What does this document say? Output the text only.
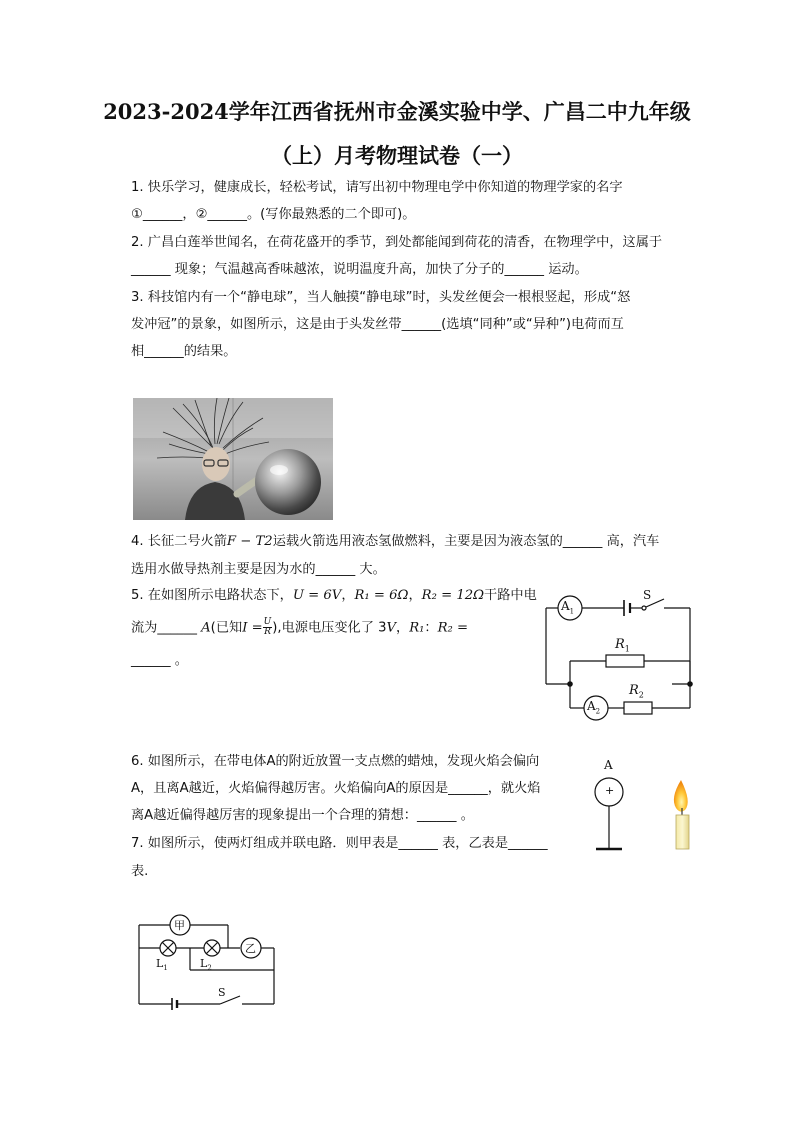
2023-2024学年江西省抚州市金溪实验中学、广昌二中九年级
（上）月考物理试卷（一）
1. 快乐学习，健康成长，轻松考试，请写出初中物理电学中你知道的物理学家的名字
①______，②______。(写你最熟悉的二个即可)。
2. 广昌白莲举世闻名，在荷花盛开的季节，到处都能闻到荷花的清香，在物理学中，这属于
______ 现象；气温越高香味越浓，说明温度升高，加快了分子的______ 运动。
3. 科技馆内有一个“静电球”，当人触摸“静电球”时，头发丝便会一根根竖起，形成“怒
发冲冠”的景象，如图所示，这是由于头发丝带______(选填“同种”或“异种”)电荷而互
相______的结果。
4. 长征二号火箭F − T2运载火箭选用液态氢做燃料，主要是因为液态氢的______ 高，汽车
选用水做导热剂主要是因为水的______ 大。
5. 在如图所示电路状态下，U = 6V，R₁ = 6Ω，R₂ = 12Ω干路中电
流为______ A(已知$I = \frac{U}{R}$ ),电源电压变化了 3V，R₁：R₂ =
______ 。
$A_1$
$A_2$
S
$R_1$
$R_2$
6. 如图所示，在带电体A的附近放置一支点燃的蜡烛，发现火焰会偏向
A，且离A越近，火焰偏得越厉害。火焰偏向A的原因是______，就火焰
离A越近偏得越厉害的现象提出一个合理的猜想：______ 。
A
+
7. 如图所示，使两灯组成并联电路．则甲表是______ 表，乙表是______
表.
甲
乙
$L_1$	$L_2$
S
